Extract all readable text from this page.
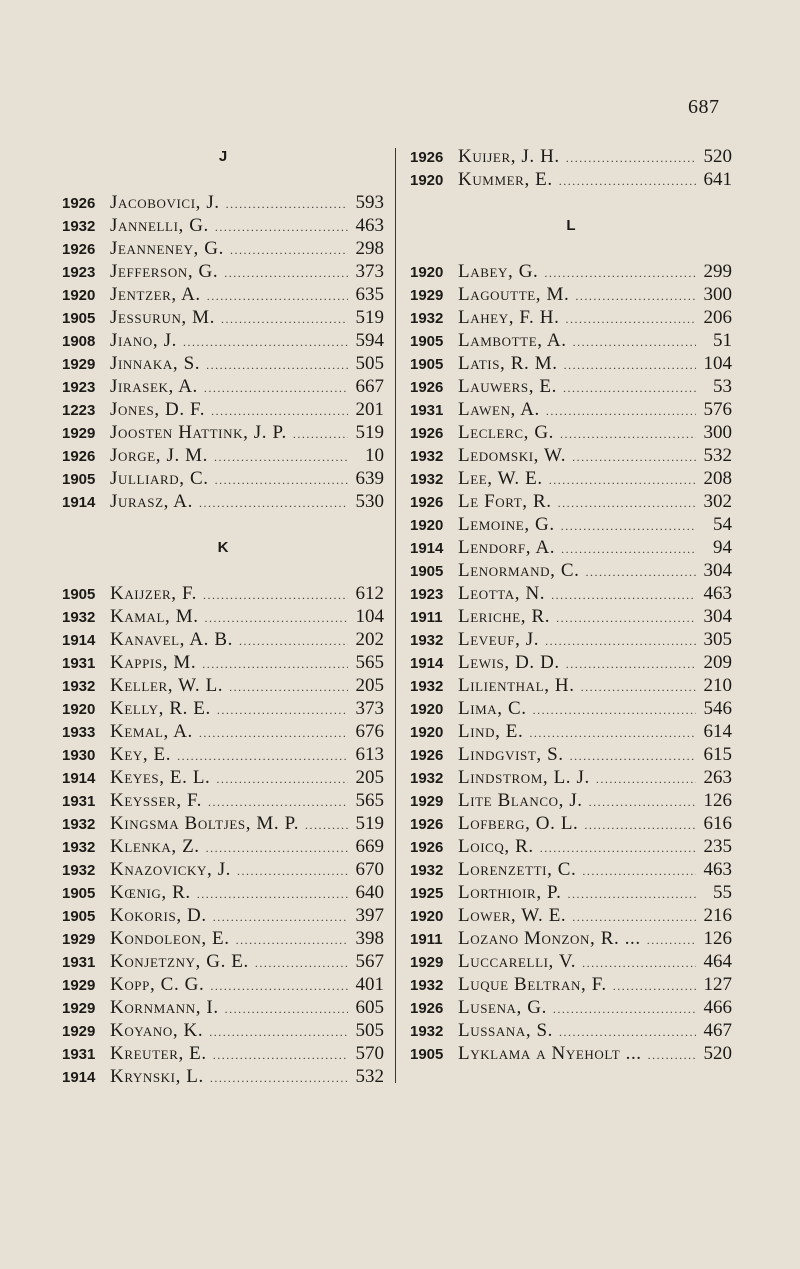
687
J
1926 Jacobovici, J. .....	593
1932 Jannelli, G. .....	463
1926 Jeanneney, G. .....	298
1923 Jefferson, G. .....	373
1920 Jentzer, A. .....	635
1905 Jessurun, M. .....	519
1908 Jiano, J. .....	594
1929 Jinnaka, S. .....	505
1923 Jirasek, A. .....	667
1223 Jones, D. F. .....	201
1929 Joosten Hattink, J. P. .....	519
1926 Jorge, J. M. .....	10
1905 Julliard, C. .....	639
1914 Jurasz, A. .....	530
K
1905 Kaijzer, F. .....	612
1932 Kamal, M. .....	104
1914 Kanavel, A. B. .....	202
1931 Kappis, M. .....	565
1932 Keller, W. L. .....	205
1920 Kelly, R. E. .....	373
1933 Kemal, A. .....	676
1930 Key, E. .....	613
1914 Keyes, E. L. .....	205
1931 Keysser, F. .....	565
1932 Kingsma Boltjes, M. P. .....	519
1932 Klenka, Z. .....	669
1932 Knazovicky, J. .....	670
1905 Kœnig, R. .....	640
1905 Kokoris, D. .....	397
1929 Kondoleon, E. .....	398
1931 Konjetzny, G. E. .....	567
1929 Kopp, C. G. .....	401
1929 Kornmann, I. .....	605
1929 Koyano, K. .....	505
1931 Kreuter, E. .....	570
1914 Krynski, L. .....	532
1926 Kuijer, J. H. .....	520
1920 Kummer, E. .....	641
L
1920 Labey, G. .....	299
1929 Lagoutte, M. .....	300
1932 Lahey, F. H. .....	206
1905 Lambotte, A. .....	51
1905 Latis, R. M. .....	104
1926 Lauwers, E. .....	53
1931 Lawen, A. .....	576
1926 Leclerc, G. .....	300
1932 Ledomski, W. .....	532
1932 Lee, W. E. .....	208
1926 Le Fort, R. .....	302
1920 Lemoine, G. .....	54
1914 Lendorf, A. .....	94
1905 Lenormand, C. .....	304
1923 Leotta, N. .....	463
1911 Leriche, R. .....	304
1932 Leveuf, J. .....	305
1914 Lewis, D. D. .....	209
1932 Lilienthal, H. .....	210
1920 Lima, C. .....	546
1920 Lind, E. .....	614
1926 Lindgvist, S. .....	615
1932 Lindstrom, L. J. .....	263
1929 Lite Blanco, J. .....	126
1926 Lofberg, O. L. .....	616
1926 Loicq, R. .....	235
1932 Lorenzetti, C. .....	463
1925 Lorthioir, P. .....	55
1920 Lower, W. E. .....	216
1911 Lozano Monzon, R. ... .....	126
1929 Luccarelli, V. .....	464
1932 Luque Beltran, F. .....	127
1926 Lusena, G. .....	466
1932 Lussana, S. .....	467
1905 Lyklama a Nyeholt ... .....	520
